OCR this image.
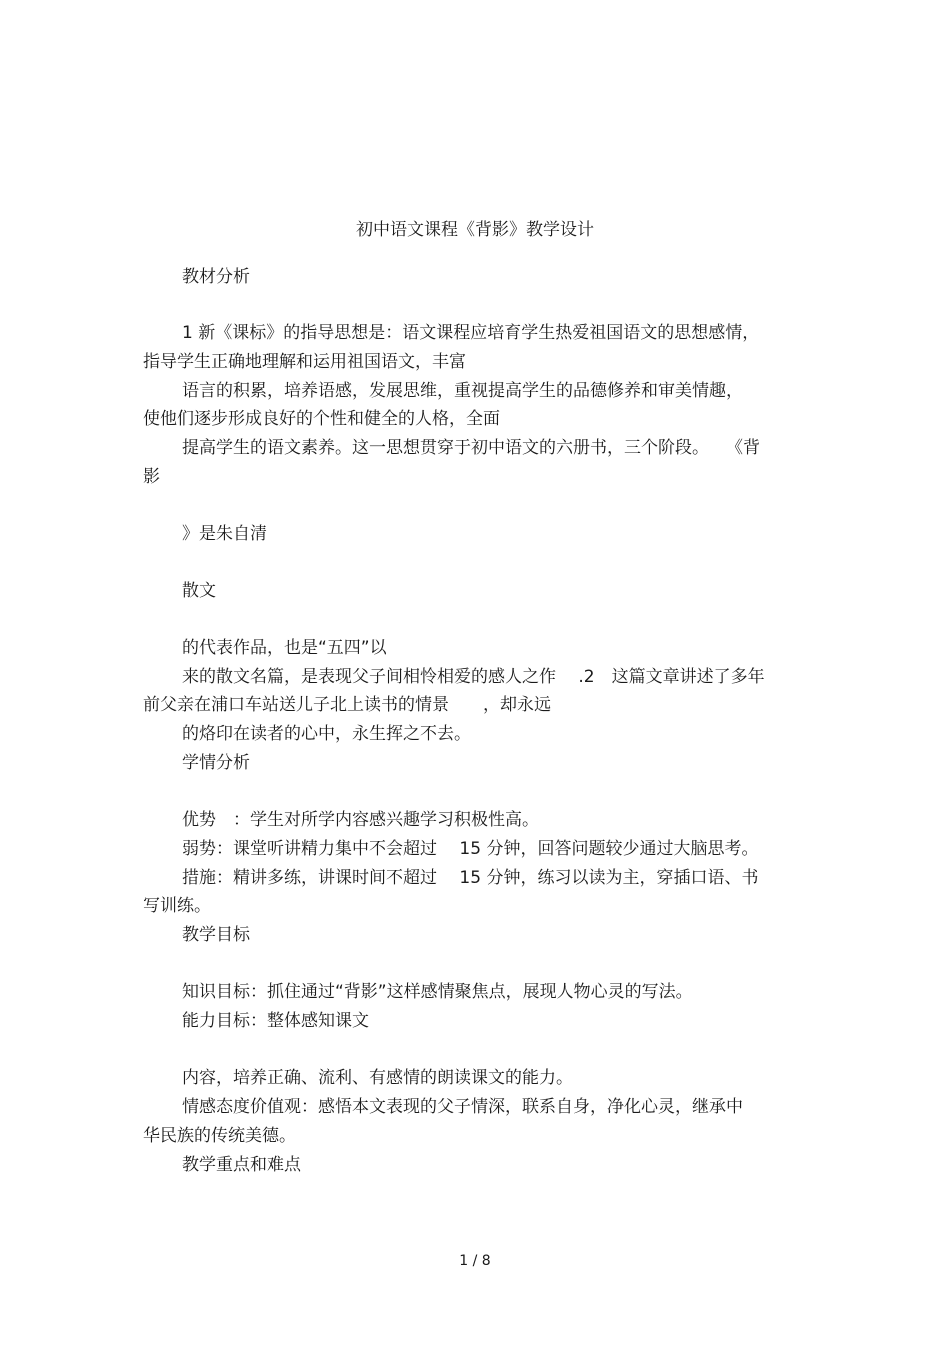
初中语文课程《背影》教学设计
教材分析
1 新《课标》的指导思想是：语文课程应培育学生热爱祖国语文的思想感情，
指导学生正确地理解和运用祖国语文，丰富
语言的积累，培养语感，发展思维，重视提高学生的品德修养和审美情趣，
使他们逐步形成良好的个性和健全的人格，全面
提高学生的语文素养。这一思想贯穿于初中语文的六册书，三个阶段。　　《背
影
》是朱自清
散文
的代表作品，也是“五四”以
来的散文名篇，是表现父子间相怜相爱的感人之作　 .2　这篇文章讲述了多年
前父亲在浦口车站送儿子北上读书的情景　　，却永远
的烙印在读者的心中，永生挥之不去。
学情分析
优势　：学生对所学内容感兴趣学习积极性高。
弱势：课堂听讲精力集中不会超过　 15 分钟，回答问题较少通过大脑思考。
措施：精讲多练，讲课时间不超过　 15 分钟，练习以读为主，穿插口语、书
写训练。
教学目标
知识目标：抓住通过“背影”这样感情聚焦点，展现人物心灵的写法。
能力目标：整体感知课文
内容，培养正确、流利、有感情的朗读课文的能力。
情感态度价值观：感悟本文表现的父子情深，联系自身，净化心灵，继承中
华民族的传统美德。
教学重点和难点
1 / 8
